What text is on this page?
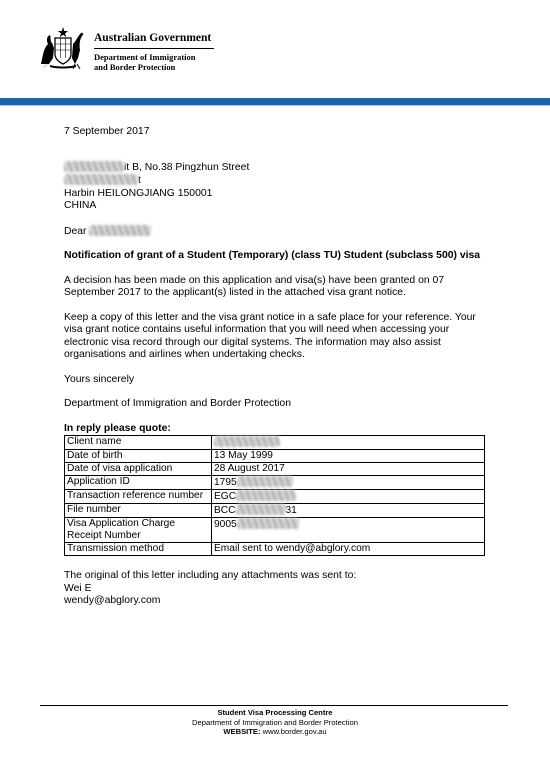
Australian Government
Department of Immigration
and Border Protection
7 September 2017
it B, No.38 Pingzhun Street
t
Harbin HEILONGJIANG 150001
CHINA
Dear
Notification of grant of a Student (Temporary) (class TU) Student (subclass 500) visa
A decision has been made on this application and visa(s) have been granted on 07 September 2017 to the applicant(s) listed in the attached visa grant notice.
Keep a copy of this letter and the visa grant notice in a safe place for your reference. Your visa grant notice contains useful information that you will need when accessing your electronic visa record through our digital systems. The information may also assist organisations and airlines when undertaking checks.
Yours sincerely
Department of Immigration and Border Protection
In reply please quote:
Client name	
Date of birth	13 May 1999
Date of visa application	28 August 2017
Application ID	1795
Transaction reference number	EGC
File number	BCC 31
Visa Application Charge Receipt Number	9005
Transmission method	Email sent to wendy@abglory.com
The original of this letter including any attachments was sent to:
Wei E
wendy@abglory.com
Student Visa Processing Centre
Department of Immigration and Border Protection
WEBSITE: www.border.gov.au
